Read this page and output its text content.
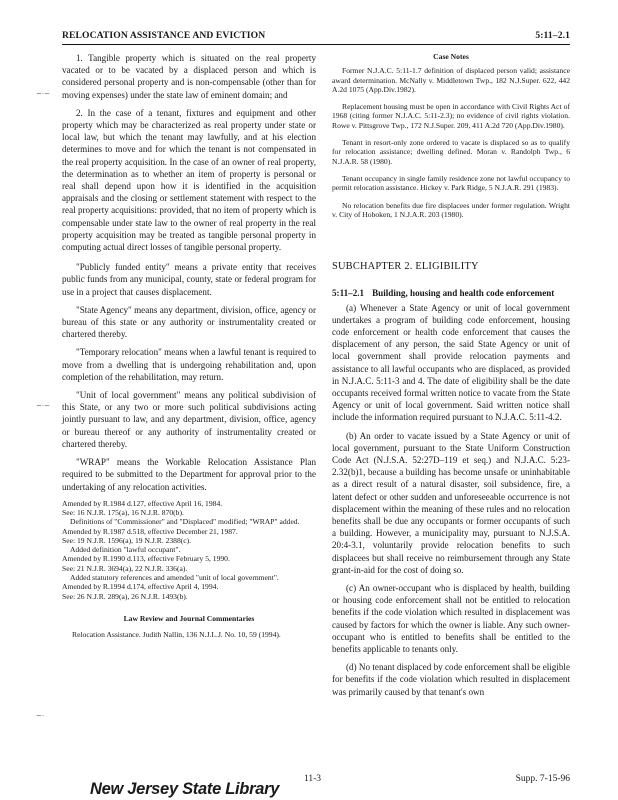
RELOCATION ASSISTANCE AND EVICTION	5:11–2.1
~·~
~·~
~·

1. Tangible property which is situated on the real property vacated or to be vacated by a displaced person and which is considered personal property and is non-compensable (other than for moving expenses) under the state law of eminent domain; and

2. In the case of a tenant, fixtures and equipment and other property which may be characterized as real property under state or local law, but which the tenant may lawfully, and at his election determines to move and for which the tenant is not compensated in the real property acquisition. In the case of an owner of real property, the determination as to whether an item of property is personal or real shall depend upon how it is identified in the acquisition appraisals and the closing or settlement statement with respect to the real property acquisitions: provided, that no item of property which is compensable under state law to the owner of real property in the real property acquisition may be treated as tangible personal property in computing actual direct losses of tangible personal property.

"Publicly funded entity" means a private entity that receives public funds from any municipal, county, state or federal program for use in a project that causes displacement.

"State Agency" means any department, division, office, agency or bureau of this state or any authority or instrumentality created or chartered thereby.

"Temporary relocation" means when a lawful tenant is required to move from a dwelling that is undergoing rehabilitation and, upon completion of the rehabilitation, may return.

"Unit of local government" means any political subdivision of this State, or any two or more such political subdivisions acting jointly pursuant to law, and any department, division, office, agency or bureau thereof or any authority of instrumentality created or chartered thereby.

"WRAP" means the Workable Relocation Assistance Plan required to be submitted to the Department for approval prior to the undertaking of any relocation activities.

Amended by R.1984 d.127, effective April 16, 1984.
See: 16 N.J.R. 175(a), 16 N.J.R. 870(b).
Definitions of "Commissioner" and "Displaced" modified; "WRAP" added.
Amended by R.1987 d.518, effective December 21, 1987.
See: 19 N.J.R. 1596(a), 19 N.J.R. 2388(c).
Added definition "lawful occupant".
Amended by R.1990 d.113, effective February 5, 1990.
See: 21 N.J.R. 3694(a), 22 N.J.R. 336(a).
Added statutory references and amended "unit of local government".
Amended by R.1994 d.174, effective April 4, 1994.
See: 26 N.J.R. 289(a), 26 N.J.R. 1493(b).
Law Review and Journal Commentaries
Relocation Assistance. Judith Nallin, 136 N.J.L.J. No. 10, 59 (1994).
Case Notes

Former N.J.A.C. 5:11-1.7 definition of displaced person valid; assistance award determination. McNally v. Middletown Twp., 182 N.J.Super. 622, 442 A.2d 1075 (App.Div.1982).

Replacement housing must be open in accordance with Civil Rights Act of 1968 (citing former N.J.A.C. 5:11-2.3); no evidence of civil rights violation. Rowe v. Pittsgrove Twp., 172 N.J.Super. 209, 411 A.2d 720 (App.Div.1980).

Tenant in resort-only zone ordered to vacate is displaced so as to qualify for relocation assistance; dwelling defined. Moran v. Randolph Twp., 6 N.J.A.R. 58 (1980).

Tenant occupancy in single family residence zone not lawful occupancy to permit relocation assistance. Hickey v. Park Ridge, 5 N.J.A.R. 291 (1983).

No relocation benefits due fire displacees under former regulation. Wright v. City of Hoboken, 1 N.J.A.R. 203 (1980).

SUBCHAPTER 2. ELIGIBILITY
5:11–2.1 Building, housing and health code enforcement

(a) Whenever a State Agency or unit of local government undertakes a program of building code enforcement, housing code enforcement or health code enforcement that causes the displacement of any person, the said State Agency or unit of local government shall provide relocation payments and assistance to all lawful occupants who are displaced, as provided in N.J.A.C. 5:11-3 and 4. The date of eligibility shall be the date occupants received formal written notice to vacate from the State Agency or unit of local government. Said written notice shall include the information required pursuant to N.J.A.C. 5:11-4.2.

(b) An order to vacate issued by a State Agency or unit of local government, pursuant to the State Uniform Construction Code Act (N.J.S.A. 52:27D–119 et seq.) and N.J.A.C. 5:23-2.32(b)1, because a building has become unsafe or uninhabitable as a direct result of a natural disaster, soil subsidence, fire, a latent defect or other sudden and unforeseeable occurrence is not displacement within the meaning of these rules and no relocation benefits shall be due any occupants or former occupants of such a building. However, a municipality may, pursuant to N.J.S.A. 20:4-3.1, voluntarily provide relocation benefits to such displacees but shall receive no reimbursement through any State grant-in-aid for the cost of doing so.

(c) An owner-occupant who is displaced by health, building or housing code enforcement shall not be entitled to relocation benefits if the code violation which resulted in displacement was caused by factors for which the owner is liable. Any such owner-occupant who is entitled to benefits shall be entitled to the benefits applicable to tenants only.

(d) No tenant displaced by code enforcement shall be eligible for benefits if the code violation which resulted in displacement was primarily caused by that tenant's own

New Jersey State Library
11-3	Supp. 7-15-96
